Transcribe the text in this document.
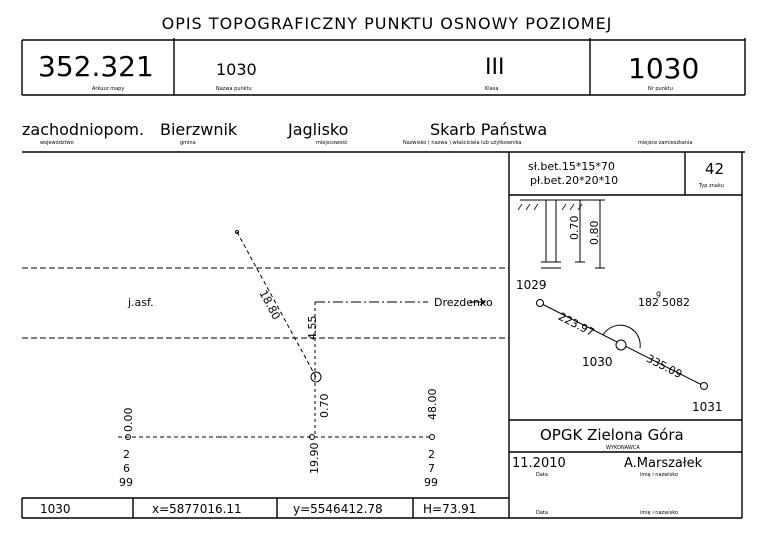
OPIS TOPOGRAFICZNY PUNKTU OSNOWY POZIOMEJ
352.321
Arkusz mapy
1030
Nazwa punktu
III
Klasa
1030
Nr punktu
zachodniopom. Bierzwnik
województwo	gmina
Jaglisko
miejscowość
Skarb Państwa
Nazwisko ( nazwa ) właściciela lub użytkownika	miejsce zamieszkania
sł.bet.15*15*70
pł.bet.20*20*10
42
Typ znaku
0.70 0.80
j.asf.	Drezdenko
18.80
4.55
0.70
19.90
0.00	48.00
2
6
99
2
7
99
1029
1030
1031
223.97
335.09
182
g
5082
OPGK Zielona Góra
WYKONAWCA
11.2010
Data
A.Marszałek
imię i nazwisko
Data	imię i nazwisko
1030	x=5877016.11	y=5546412.78	H=73.91
